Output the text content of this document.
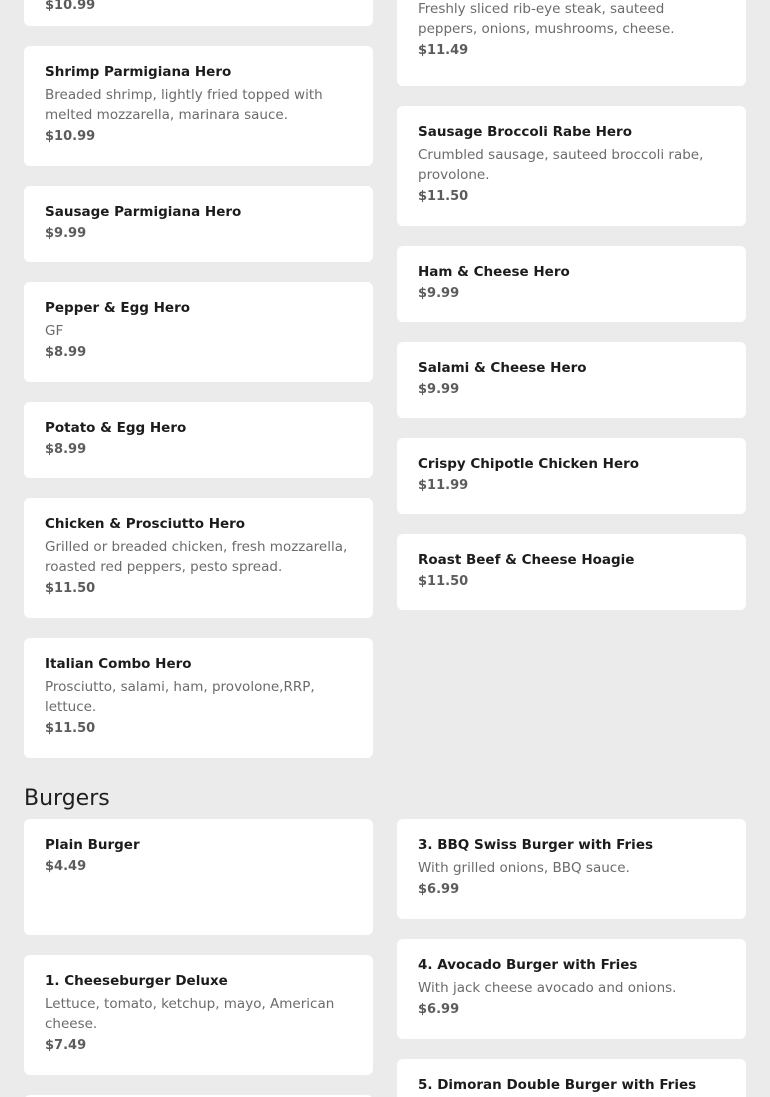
$10.99	Freshly sliced rib-eye steak, sauteed peppers, onions, mushrooms, cheese.
$11.49
Shrimp Parmigiana Hero
Breaded shrimp, lightly fried topped with melted mozzarella, marinara sauce.
$10.99
Sausage Parmigiana Hero
$9.99
Pepper & Egg Hero
GF
$8.99
Potato & Egg Hero
$8.99
Chicken & Prosciutto Hero
Grilled or breaded chicken, fresh mozzarella, roasted red peppers, pesto spread.
$11.50
Italian Combo Hero
Prosciutto, salami, ham, provolone,RRP, lettuce.
$11.50
Sausage Broccoli Rabe Hero
Crumbled sausage, sauteed broccoli rabe, provolone.
$11.50
Ham & Cheese Hero
$9.99
Salami & Cheese Hero
$9.99
Crispy Chipotle Chicken Hero
$11.99
Roast Beef & Cheese Hoagie
$11.50
Burgers
Plain Burger
$4.49
1. Cheeseburger Deluxe
Lettuce, tomato, ketchup, mayo, American cheese.
$7.49
3. BBQ Swiss Burger with Fries
With grilled onions, BBQ sauce.
$6.99
4. Avocado Burger with Fries
With jack cheese avocado and onions.
$6.99
5. Dimoran Double Burger with Fries
